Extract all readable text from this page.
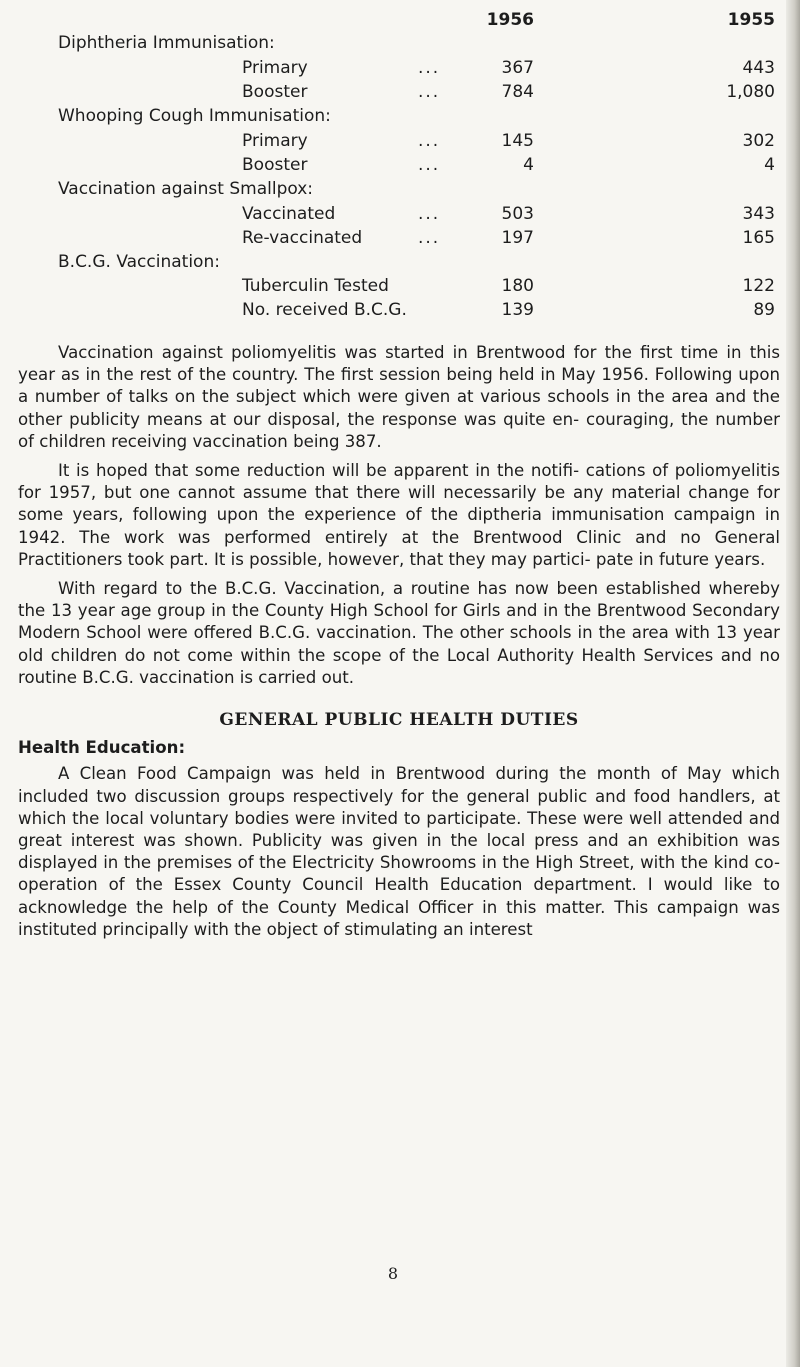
1956	1955
Diphtheria Immunisation:
Primary	...	367	443
Booster	...	784	1,080
Whooping Cough Immunisation:
Primary	...	145	302
Booster	...	4	4
Vaccination against Smallpox:
Vaccinated	...	503	343
Re-vaccinated	...	197	165
B.C.G. Vaccination:
Tuberculin Tested	180	122
No. received B.C.G.	139	89

Vaccination against poliomyelitis was started in Brentwood for the first time in this year as in the rest of the country. The first session being held in May 1956. Following upon a number of talks on the subject which were given at various schools in the area and the other publicity means at our disposal, the response was quite en- couraging, the number of children receiving vaccination being 387.

It is hoped that some reduction will be apparent in the notifi- cations of poliomyelitis for 1957, but one cannot assume that there will necessarily be any material change for some years, following upon the experience of the diptheria immunisation campaign in 1942. The work was performed entirely at the Brentwood Clinic and no General Practitioners took part. It is possible, however, that they may partici- pate in future years.

With regard to the B.C.G. Vaccination, a routine has now been established whereby the 13 year age group in the County High School for Girls and in the Brentwood Secondary Modern School were offered B.C.G. vaccination. The other schools in the area with 13 year old children do not come within the scope of the Local Authority Health Services and no routine B.C.G. vaccination is carried out.

GENERAL PUBLIC HEALTH DUTIES
Health Education:

A Clean Food Campaign was held in Brentwood during the month of May which included two discussion groups respectively for the general public and food handlers, at which the local voluntary bodies were invited to participate. These were well attended and great interest was shown. Publicity was given in the local press and an exhibition was displayed in the premises of the Electricity Showrooms in the High Street, with the kind co-operation of the Essex County Council Health Education department. I would like to acknowledge the help of the County Medical Officer in this matter. This campaign was instituted principally with the object of stimulating an interest

8
